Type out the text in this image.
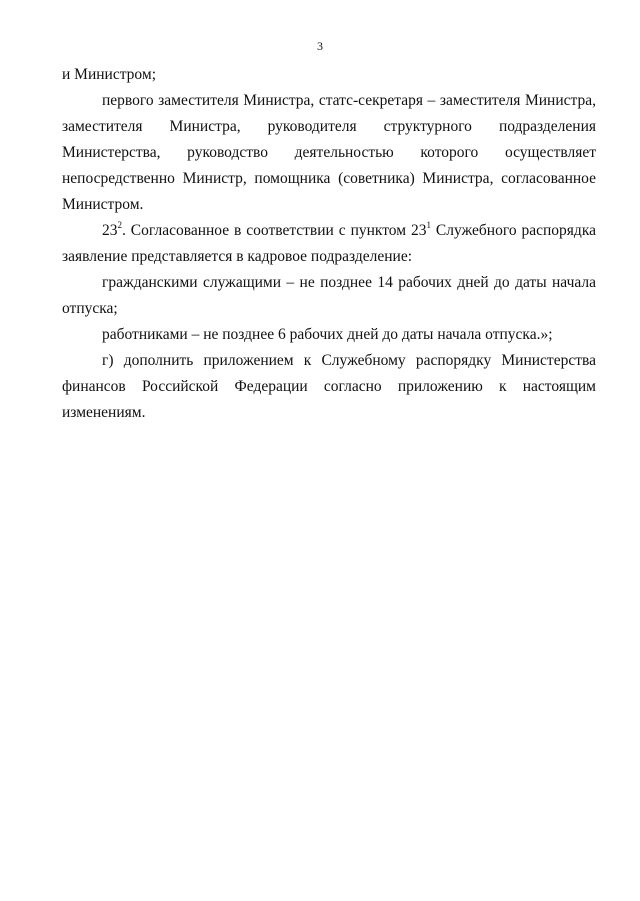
3

и Министром;

первого заместителя Министра, статс-секретаря – заместителя Министра, заместителя Министра, руководителя структурного подразделения Министерства, руководство деятельностью которого осуществляет непосредственно Министр, помощника (советника) Министра, согласованное Министром.

$23^2$. Согласованное в соответствии с пунктом $23^1$ Служебного распорядка заявление представляется в кадровое подразделение:

гражданскими служащими – не позднее 14 рабочих дней до даты начала отпуска;

работниками – не позднее 6 рабочих дней до даты начала отпуска.»;

г) дополнить приложением к Служебному распорядку Министерства финансов Российской Федерации согласно приложению к настоящим изменениям.
